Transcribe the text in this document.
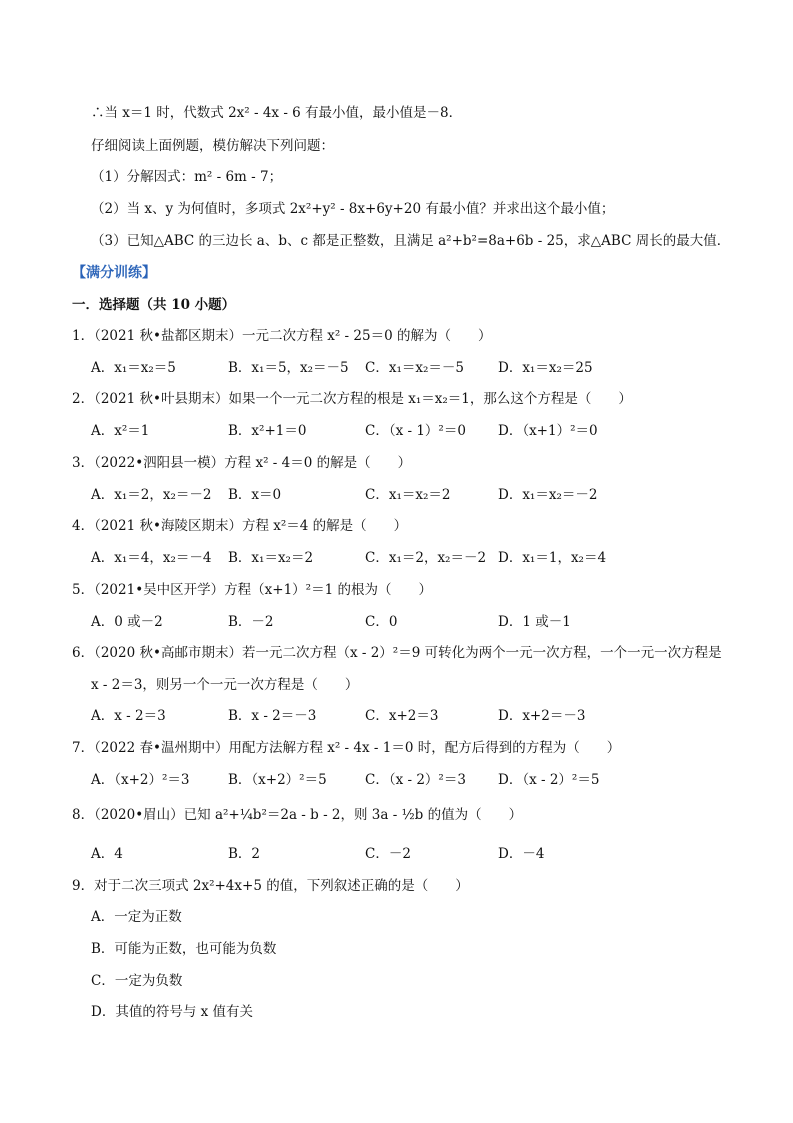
∴当 x＝1 时，代数式 2x² - 4x - 6 有最小值，最小值是－8．
仔细阅读上面例题，模仿解决下列问题：
（1）分解因式：m² - 6m - 7；
（2）当 x、y 为何值时，多项式 2x²+y² - 8x+6y+20 有最小值？并求出这个最小值；
（3）已知△ABC 的三边长 a、b、c 都是正整数，且满足 a²+b²=8a+6b - 25，求△ABC 周长的最大值．
【满分训练】
一．选择题（共 10 小题）
1．（2021 秋•盐都区期末）一元二次方程 x² - 25＝0 的解为（　　）
A．x₁＝x₂＝5	B．x₁＝5，x₂＝－5 C．x₁＝x₂＝－5	D．x₁＝x₂＝25
2．（2021 秋•叶县期末）如果一个一元二次方程的根是 x₁＝x₂＝1，那么这个方程是（　　）
A．x²＝1	B．x²+1＝0	C．（x - 1）²＝0 D．（x+1）²＝0
3．（2022•泗阳县一模）方程 x² - 4＝0 的解是（　　）
A．x₁＝2，x₂＝－2 B．x＝0	C．x₁＝x₂＝2	D．x₁＝x₂＝－2
4．（2021 秋•海陵区期末）方程 x²＝4 的解是（　　）
A．x₁＝4，x₂＝－4 B．x₁＝x₂＝2	C．x₁＝2，x₂＝－2 D．x₁＝1，x₂＝4
5．（2021•吴中区开学）方程（x+1）²＝1 的根为（　　）
A．0 或－2	B．－2	C．0	D．1 或－1
6．（2020 秋•高邮市期末）若一元二次方程（x - 2）²＝9 可转化为两个一元一次方程，一个一元一次方程是
x - 2＝3，则另一个一元一次方程是（　　）
A．x - 2＝3	B．x - 2＝－3	C．x+2＝3	D．x+2＝－3
7．（2022 春•温州期中）用配方法解方程 x² - 4x - 1＝0 时，配方后得到的方程为（　　）
A．（x+2）²＝3	B．（x+2）²＝5	C．（x - 2）²＝3 D．（x - 2）²＝5
8．（2020•眉山）已知 a²+¼b²＝2a - b - 2，则 3a - ½b 的值为（　　）
A．4	B．2	C．－2	D．－4
9．对于二次三项式 2x²+4x+5 的值，下列叙述正确的是（　　）
A．一定为正数
B．可能为正数，也可能为负数
C．一定为负数
D．其值的符号与 x 值有关
